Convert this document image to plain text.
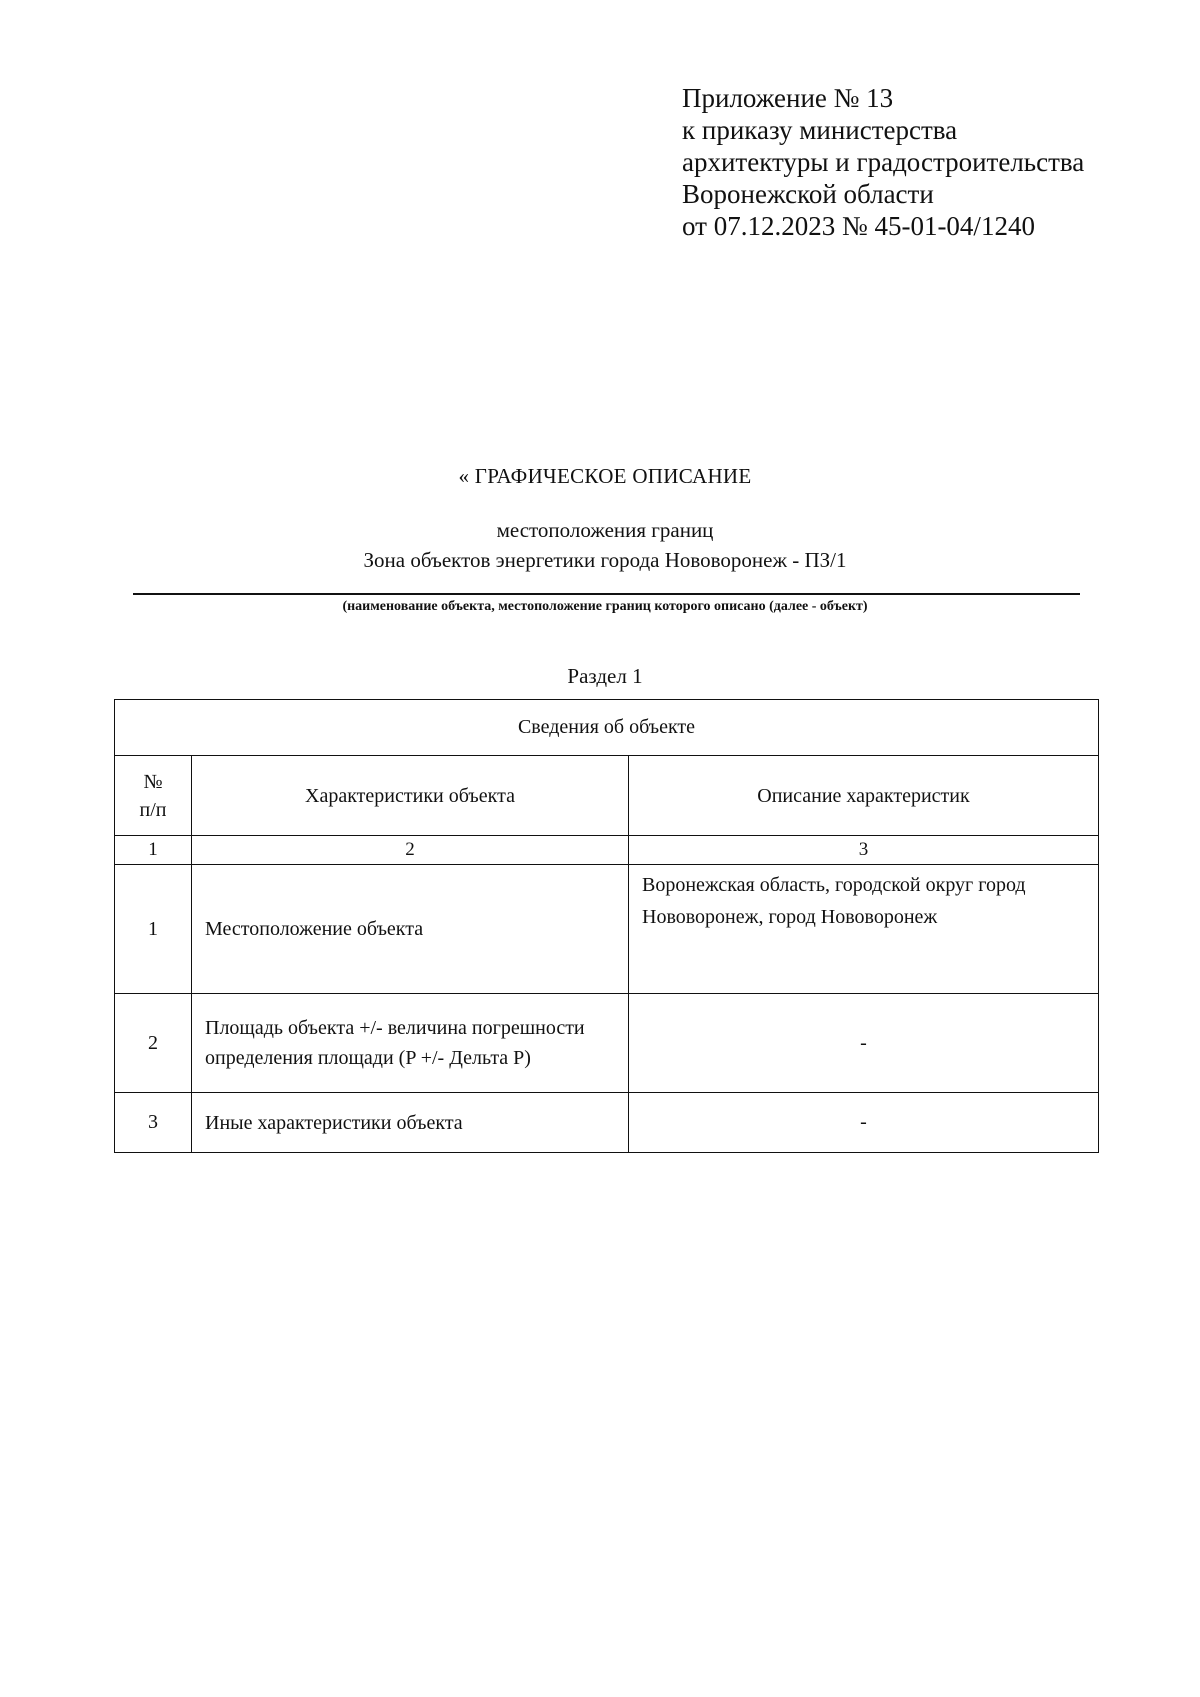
Приложение № 13
к приказу министерства
архитектуры и градостроительства
Воронежской области
от 07.12.2023 № 45-01-04/1240
« ГРАФИЧЕСКОЕ ОПИСАНИЕ
местоположения границ
Зона объектов энергетики города Нововоронеж - ПЗ/1
(наименование объекта, местоположение границ которого описано (далее - объект)
Раздел 1
Сведения об объекте		
№ п/п	Характеристики объекта	Описание характеристик
1	2	3
1	Местоположение объекта	Воронежская область, городской округ город Нововоронеж, город Нововоронеж
2	Площадь объекта +/- величина погрешности определения площади (P +/- Дельта P)	-
3	Иные характеристики объекта	-
